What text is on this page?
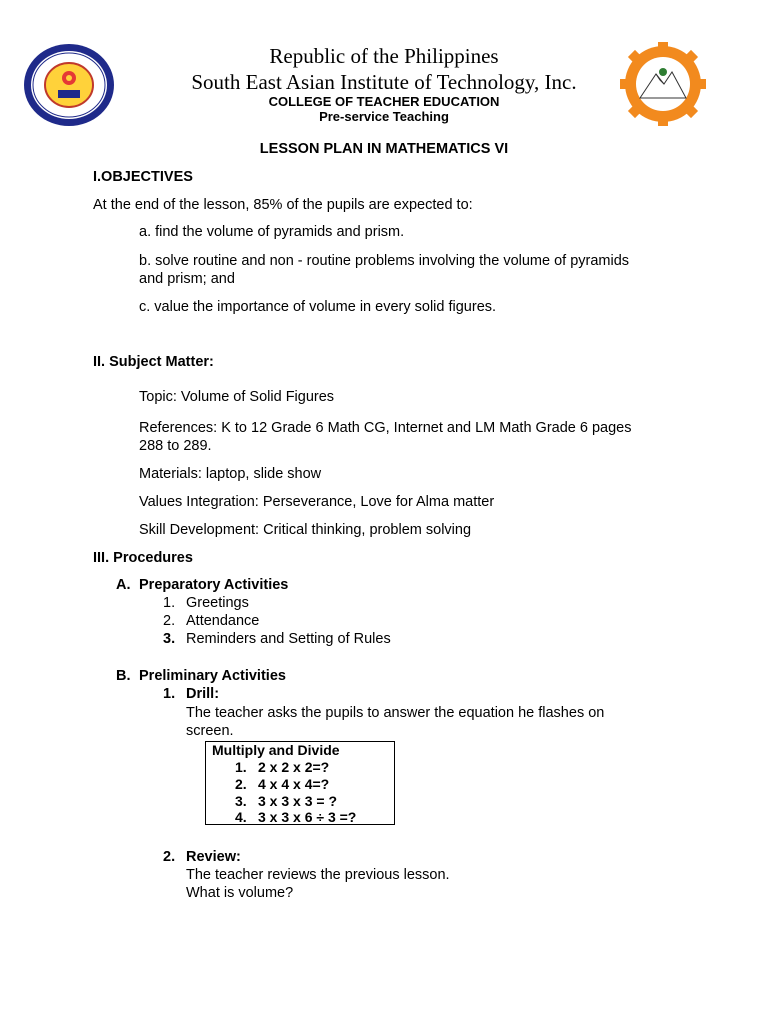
Republic of the Philippines
South East Asian Institute of Technology, Inc.
COLLEGE OF TEACHER EDUCATION
Pre-service Teaching
LESSON PLAN IN MATHEMATICS VI
I.OBJECTIVES
At the end of the lesson, 85% of the pupils are expected to:
a. find the volume of pyramids and prism.
b. solve routine and non - routine problems involving the volume of pyramids
and prism; and
c. value the importance of volume in every solid figures.
II. Subject Matter:
Topic: Volume of Solid Figures
References: K to 12 Grade 6 Math CG, Internet and LM Math Grade 6 pages
288 to 289.
Materials: laptop, slide show
Values Integration: Perseverance, Love for Alma matter
Skill Development: Critical thinking, problem solving
III. Procedures
A. Preparatory Activities
1. Greetings
2. Attendance
3. Reminders and Setting of Rules
B. Preliminary Activities
1. Drill:
The teacher asks the pupils to answer the equation he flashes on
screen.
Multiply and Divide
1. 2 x 2 x 2=?
2. 4 x 4 x 4=?
3. 3 x 3 x 3 = ?
4. 3 x 3 x 6 ÷ 3 =?
2. Review:
The teacher reviews the previous lesson.
What is volume?
